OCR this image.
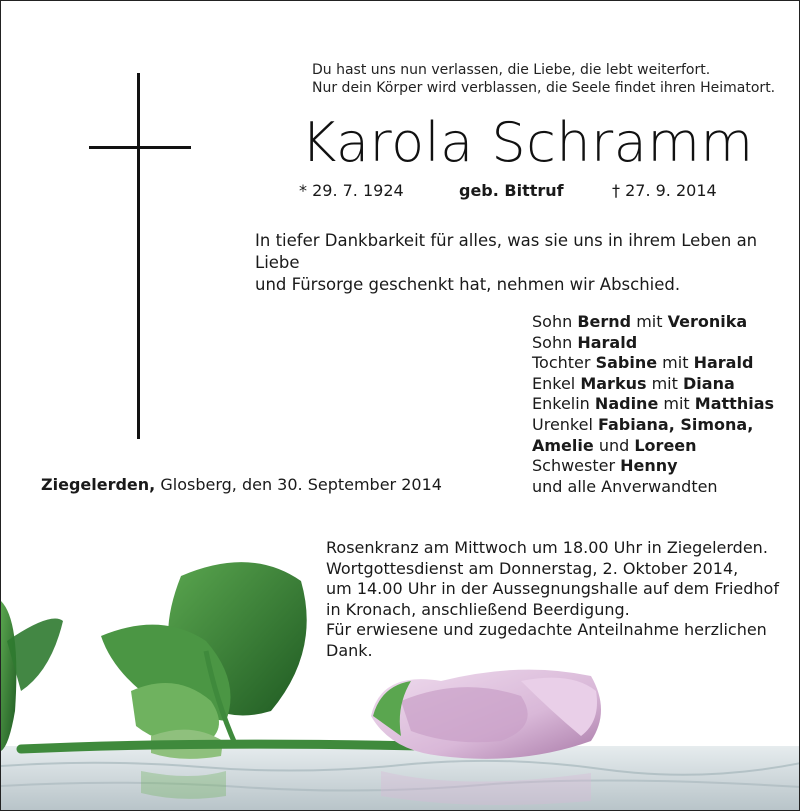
Du hast uns nun verlassen, die Liebe, die lebt weiterfort.
Nur dein Körper wird verblassen, die Seele findet ihren Heimatort.
Karola Schramm
* 29. 7. 1924	geb. Bittruf	† 27. 9. 2014
In tiefer Dankbarkeit für alles, was sie uns in ihrem Leben an Liebe
und Fürsorge geschenkt hat, nehmen wir Abschied.
Sohn Bernd mit Veronika
Sohn Harald
Tochter Sabine mit Harald
Enkel Markus mit Diana
Enkelin Nadine mit Matthias
Urenkel Fabiana, Simona,
Amelie und Loreen
Schwester Henny
und alle Anverwandten
Ziegelerden, Glosberg, den 30. September 2014
Rosenkranz am Mittwoch um 18.00 Uhr in Ziegelerden.
Wortgottesdienst am Donnerstag, 2. Oktober 2014,
um 14.00 Uhr in der Aussegnungshalle auf dem Friedhof
in Kronach, anschließend Beerdigung.
Für erwiesene und zugedachte Anteilnahme herzlichen
Dank.
